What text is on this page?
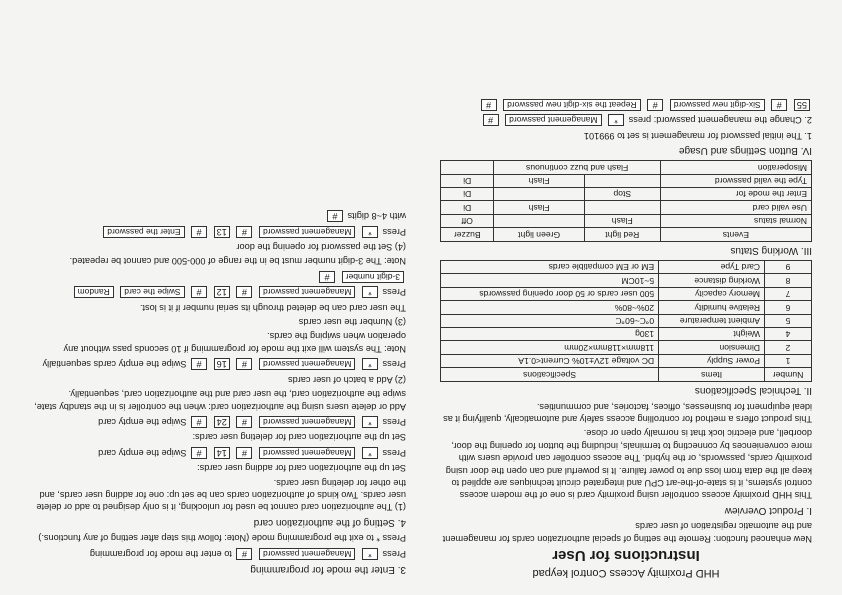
HHD Proximity Access Control keypad
Instructions for User

New enhanced function: Remote the setting of special authorization cards for management and the automatic registration of user cards

I. Product Overview

This HHD proximity access controller using proximity card is one of the modern access control systems, it is state-of-the-art CPU and integrated circuit techniques are applied to keep all the data from loss due to power failure. It is powerful and can open the door using proximity cards, passwords, or the hybrid. The access controller can provide users with more conveniences by connecting to terminals, including the button for opening the door, doorbell, and electric lock that is normally open or close.

This product offers a method for controlling access safely and automatically, qualifying it as ideal equipment for businesses, offices, factories, and communities.

II. Technical Specifications
Number	Items	Specifications
1	Power Supply	DC voltage 12V±10% Current<0.1A
2	Dimension	118mm×118mm×20mm
4	Weight	130g
5	Ambient temperature	0℃~60℃
6	Relative humidity	20%~80%
7	Memory capacity	500 user cards or 50 door opening passwords
8	Working distance	5~10CM
9	Card Type	EM or EM compatible cards
III. Working Status
Events	Red light	Green light	Buzzer
Normal status	Flash		Off
Use valid card		Flash	Di
Enter the mode for	Stop		Di
Type the valid password		Flash	Di
Misoperation	Flash and buzz continuous		
IV. Button Settings and Usage

1. The initial password for management is set to 999101

2. Change the management password: press * Management password #

55 # Six-digit new password # Repeat the six-digit new password #

3. Enter the mode for programming

Press * Management password # to enter the mode for programming

Press * to exit the programming mode (Note: follow this step after setting of any functions.)

4. Setting of the authorization card

(1) The authorization card cannot be used for unlocking, it is only designed to add or delete user cards. Two kinds of authorization cards can be set up: one for adding user cards, and the other for deleting user cards.

Set up the authorization card for adding user cards:

Press * Management password # 14 # Swipe the empty card

Set up the authorization card for deleting user cards:

Press * Management password # 24 # Swipe the empty card

Add or delete users using the authorization card: when the controller is in the standby state, swipe the authorization card, the user card and the authorization card, sequentially.

(2) Add a batch of user cards

Press * Management password # 16 # Swipe the empty cards sequentially

Note: The system will exit the mode for programming if 10 seconds pass without any operation when swiping the cards.

(3) Number the user cards

The user card can be deleted through its serial number if it is lost.

Press * Management password # 12 # Swipe the card Random

3-digit number #

Note: The 3-digit number must be in the range of 000-500 and cannot be repeated.

(4) Set the password for opening the door

Press * Management password # 13 # Enter the password

with 4~8 digits #
